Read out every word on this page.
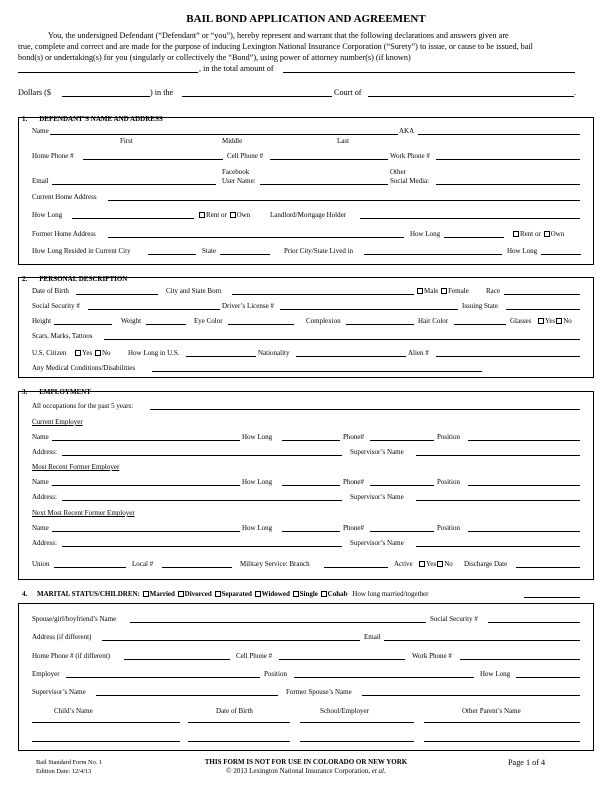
BAIL BOND APPLICATION AND AGREEMENT
You, the undersigned Defendant (“Defendant” or “you”), hereby represent and warrant that the following declarations and answers given are
true, complete and correct and are made for the purpose of inducing Lexington National Insurance Corporation (“Surety”) to issue, or cause to be issued, bail
bond(s) or undertaking(s) for you (singularly or collectively the “Bond”), using power of attorney number(s) (if known)
, in the total amount of
Dollars ($	) in the	Court of	.
1. DEFENDANT’S NAME AND ADDRESS
Name	AKA
First	Middle	Last
Home Phone #	Cell Phone #	Work Phone #
Facebook	Other
Email	User Name:	Social Media:
Current Home Address
How Long	Rent or Own	Landlord/Mortgage Holder
Former Home Address	How Long	Rent or Own
How Long Resided in Current City	State	Prior City/State Lived in	How Long
2. PERSONAL DESCRIPTION
Date of Birth	City and State Born	Male Female Race
Social Security #	Driver’s License #	Issuing State
Height	Weight	Eye Color	Complexion	Hair Color	Glasses	Yes No
Scars, Marks, Tattoos
U.S. Citizen	Yes No	How Long in U.S.	Nationality	Alien #
Any Medical Conditions/Disabilities
3. EMPLOYMENT
All occupations for the past 5 years:
Current Employer
Name	How Long	Phone#	Position
Address:	Supervisor’s Name
Most Recent Former Employer
Name	How Long	Phone#	Position
Address:	Supervisor’s Name
Next Most Recent Former Employer
Name	How Long	Phone#	Position
Address:	Supervisor’s Name
Union	Local #	Military Service: Branch	Active	Yes No Discharge Date
4. MARITAL STATUS/CHILDREN: Married Divorced Separated Widowed Single Cohab How long married/together
Spouse/girl/boyfriend’s Name	Social Security #
Address (if different)	Email
Home Phone # (if different)	Cell Phone #	Work Phone #
Employer	Position	How Long
Supervisor’s Name	Former Spouse’s Name
Child’s Name	Date of Birth	School/Employer	Other Parent’s Name
Bail Standard Form No. 1
Edition Date: 12/4/13
THIS FORM IS NOT FOR USE IN COLORADO OR NEW YORK
© 2013 Lexington National Insurance Corporation, et al.
Page 1 of 4
